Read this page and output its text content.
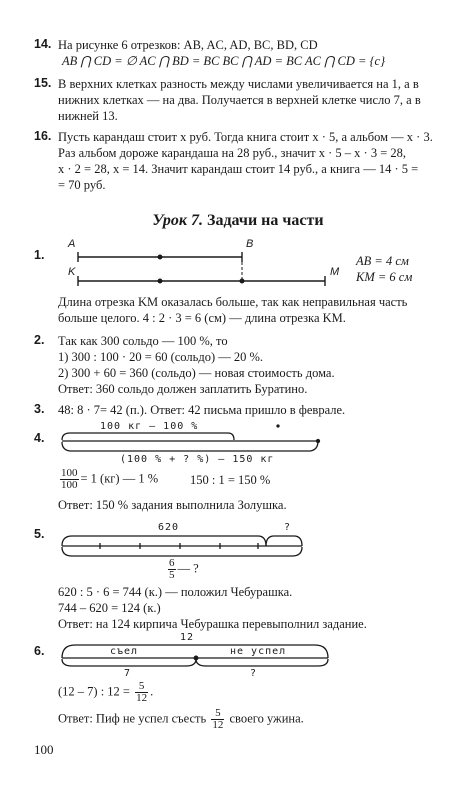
14. На рисунке 6 отрезков: AB, AC, AD, BC, BD, CD
AB ⋂ CD = ∅ AC ⋂ BD = BC BC ⋂ AD = BC AC ⋂ CD = {c}
15. В верхних клетках разность между числами увеличивается на 1, а в
нижних клетках — на два. Получается в верхней клетке число 7, а в
нижней 13.
16. Пусть карандаш стоит x руб. Тогда книга стоит x · 5, а альбом — x · 3.
Раз альбом дороже карандаша на 28 руб., значит x · 5 – x · 3 = 28,
x · 2 = 28, x = 14. Значит карандаш стоит 14 руб., а книга — 14 · 5 =
= 70 руб.
Урок 7. Задачи на части
1.
A	B
K	M
AB = 4 см
KM = 6 см
Длина отрезка KM оказалась больше, так как неправильная часть
больше целого. 4 : 2 · 3 = 6 (см) — длина отрезка KM.
2. Так как 300 сольдо — 100 %, то
1) 300 : 100 · 20 = 60 (сольдо) — 20 %.
2) 300 + 60 = 360 (сольдо) — новая стоимость дома.
Ответ: 360 сольдо должен заплатить Буратино.
3. 48: 8 · 7= 42 (п.). Ответ: 42 письма пришло в феврале.
4.
100 кг — 100 %
(100 % + ? %) – 150 кг
$\frac{100}{100} = 1$ (кг) — 1 %	150 : 1 = 150 %
Ответ: 150 % задания выполнила Золушка.
5.	620	?
$\frac{6}{5}$ — ?
620 : 5 · 6 = 744 (к.) — положил Чебурашка.
744 – 620 = 124 (к.)
Ответ: на 124 кирпича Чебурашка перевыполнил задание.
6.
12
съел	не успел
7	?
(12 – 7) : $12 = \frac{5}{12}$ .
Ответ: Пиф не успел съесть $\frac{5}{12}$ своего ужина.
100
